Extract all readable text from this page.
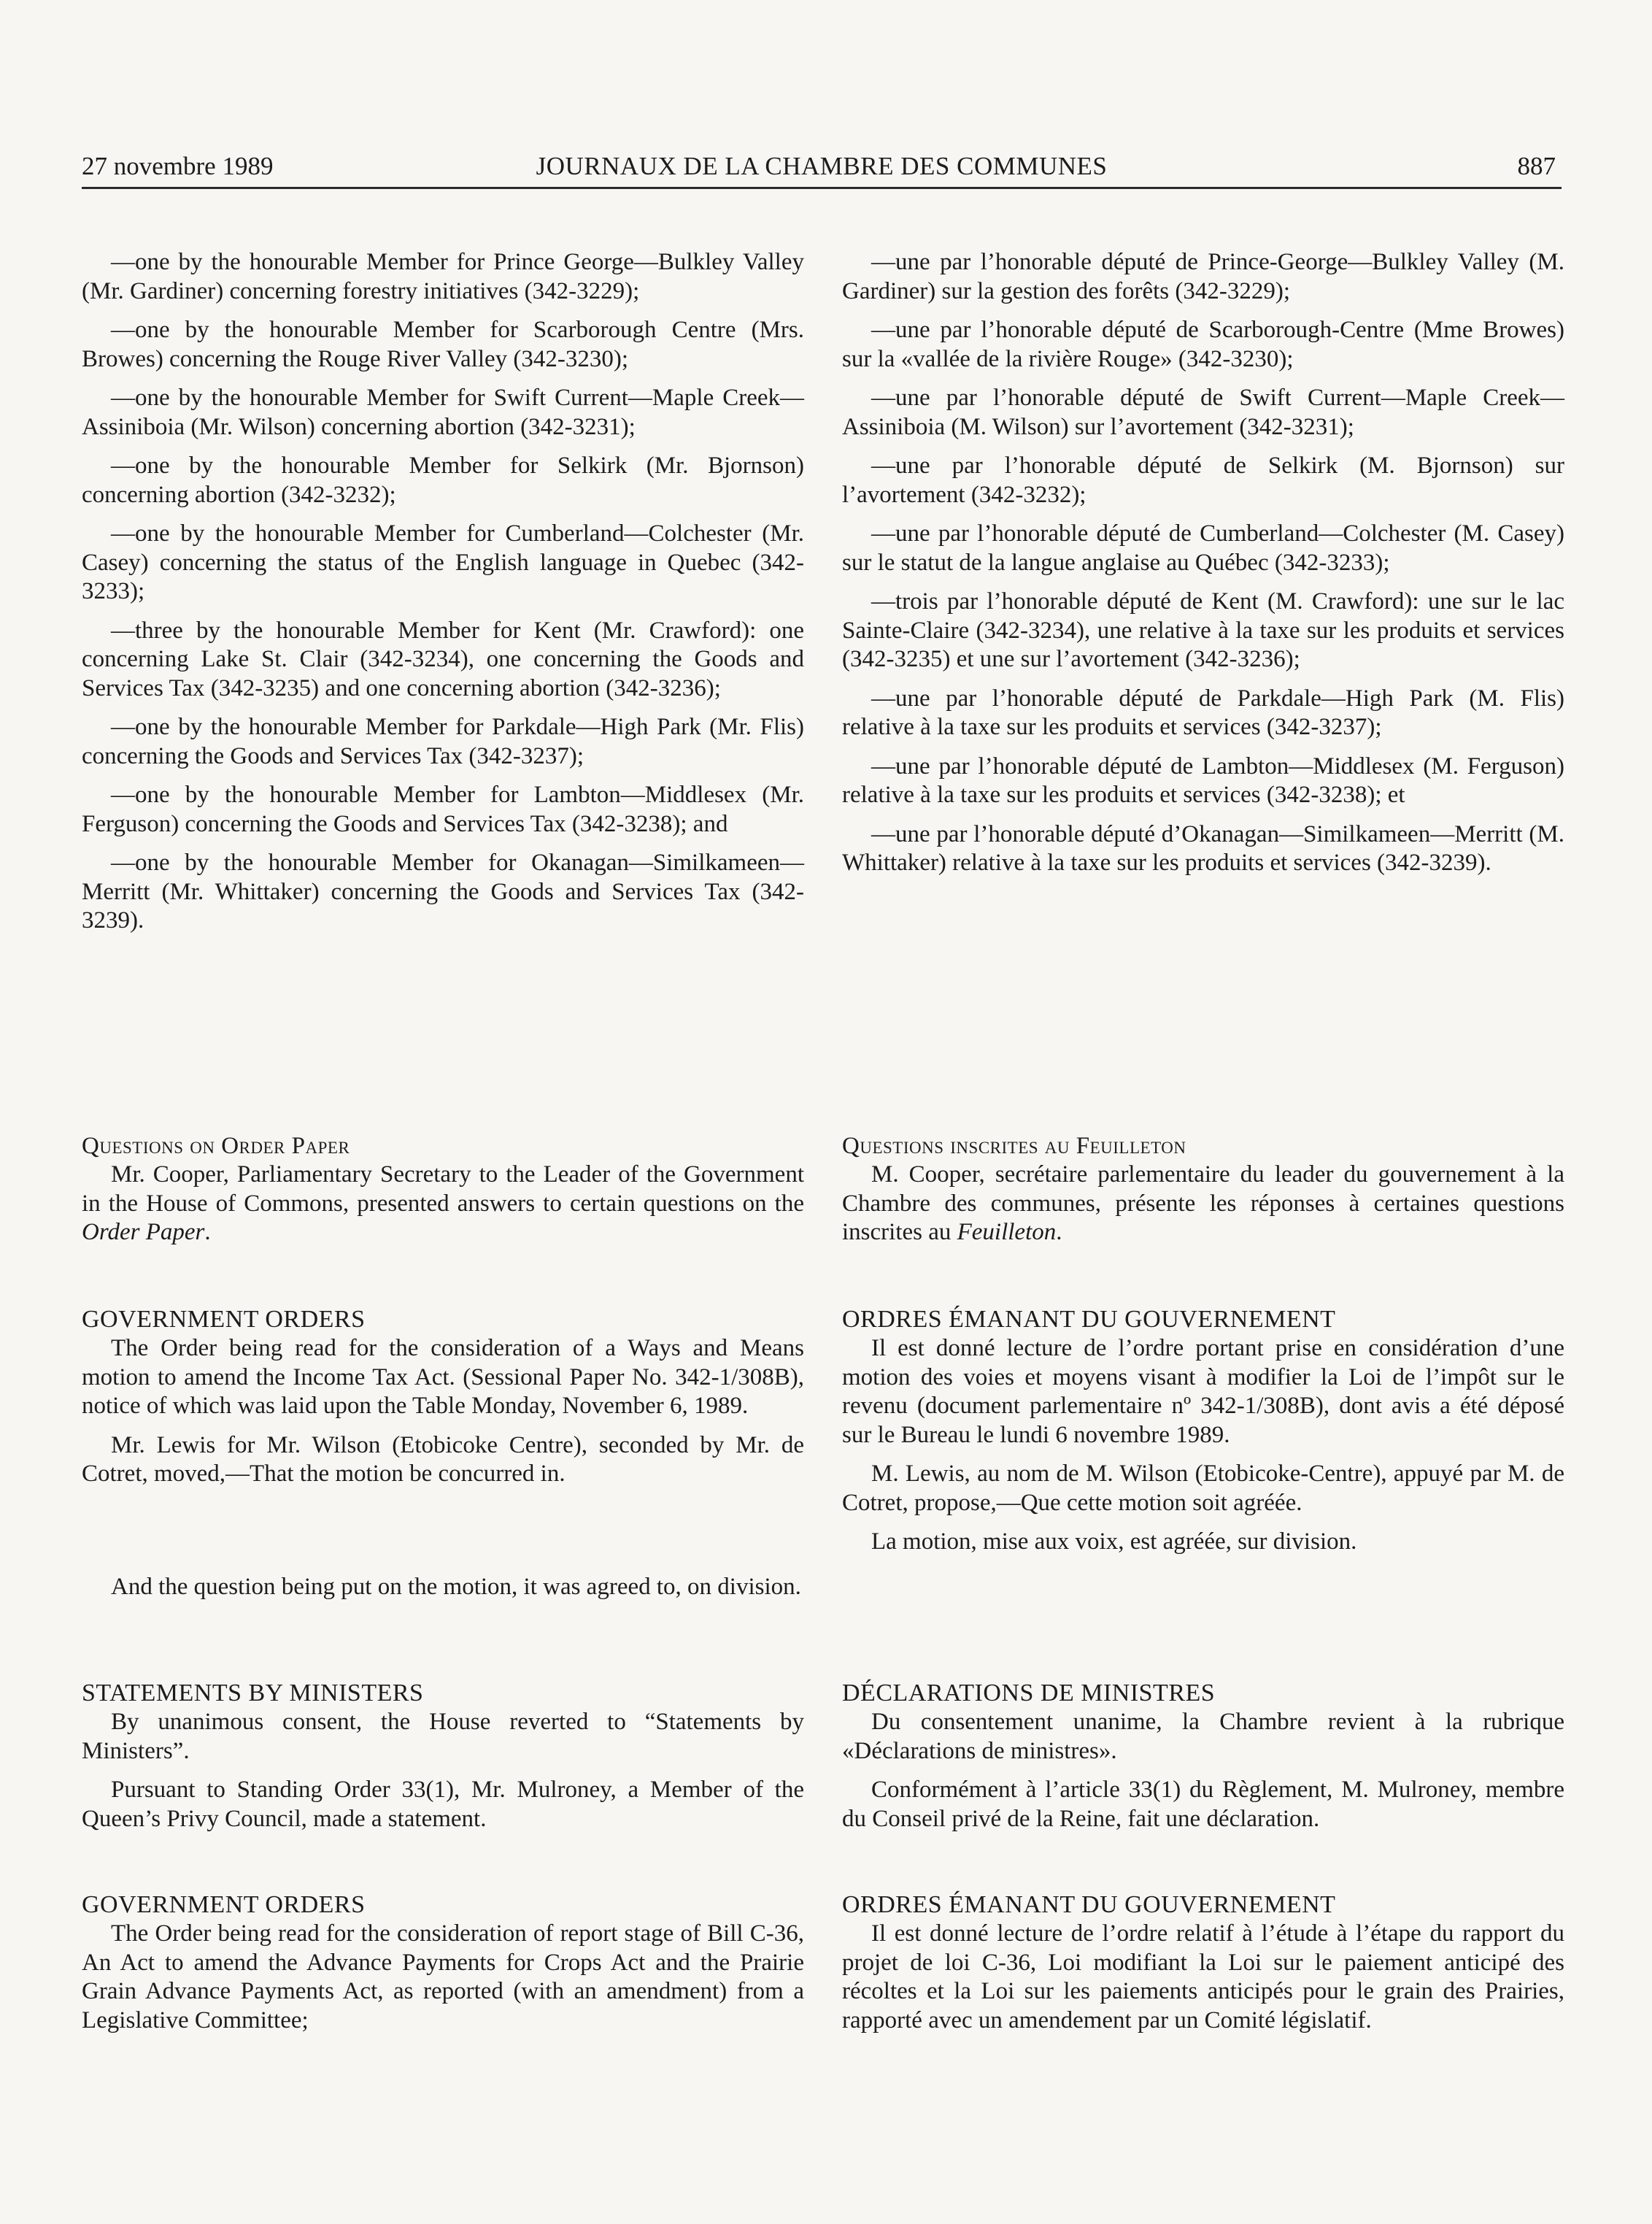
27 novembre 1989	JOURNAUX DE LA CHAMBRE DES COMMUNES	887

—one by the honourable Member for Prince George—Bulkley Valley (Mr. Gardiner) concerning forestry initiatives (342-3229);

—one by the honourable Member for Scarborough Centre (Mrs. Browes) concerning the Rouge River Valley (342-3230);

—one by the honourable Member for Swift Current—Maple Creek—Assiniboia (Mr. Wilson) concerning abortion (342-3231);

—one by the honourable Member for Selkirk (Mr. Bjornson) concerning abortion (342-3232);

—one by the honourable Member for Cumberland—Colchester (Mr. Casey) concerning the status of the English language in Quebec (342-3233);

—three by the honourable Member for Kent (Mr. Crawford): one concerning Lake St. Clair (342-3234), one concerning the Goods and Services Tax (342-3235) and one concerning abortion (342-3236);

—one by the honourable Member for Parkdale—High Park (Mr. Flis) concerning the Goods and Services Tax (342-3237);

—one by the honourable Member for Lambton—Middlesex (Mr. Ferguson) concerning the Goods and Services Tax (342-3238); and

—one by the honourable Member for Okanagan—Similkameen—Merritt (Mr. Whittaker) concerning the Goods and Services Tax (342-3239).

Questions on Order Paper

Mr. Cooper, Parliamentary Secretary to the Leader of the Government in the House of Commons, presented answers to certain questions on the Order Paper.

GOVERNMENT ORDERS

The Order being read for the consideration of a Ways and Means motion to amend the Income Tax Act. (Sessional Paper No. 342-1/308B), notice of which was laid upon the Table Monday, November 6, 1989.

Mr. Lewis for Mr. Wilson (Etobicoke Centre), seconded by Mr. de Cotret, moved,—That the motion be concurred in.

And the question being put on the motion, it was agreed to, on division.

STATEMENTS BY MINISTERS

By unanimous consent, the House reverted to “Statements by Ministers”.

Pursuant to Standing Order 33(1), Mr. Mulroney, a Member of the Queen’s Privy Council, made a statement.

GOVERNMENT ORDERS

The Order being read for the consideration of report stage of Bill C-36, An Act to amend the Advance Payments for Crops Act and the Prairie Grain Advance Payments Act, as reported (with an amendment) from a Legislative Committee;

—une par l’honorable député de Prince-George—Bulkley Valley (M. Gardiner) sur la gestion des forêts (342-3229);

—une par l’honorable député de Scarborough-Centre (Mme Browes) sur la «vallée de la rivière Rouge» (342-3230);

—une par l’honorable député de Swift Current—Maple Creek—Assiniboia (M. Wilson) sur l’avortement (342-3231);

—une par l’honorable député de Selkirk (M. Bjornson) sur l’avortement (342-3232);

—une par l’honorable député de Cumberland—Colchester (M. Casey) sur le statut de la langue anglaise au Québec (342-3233);

—trois par l’honorable député de Kent (M. Crawford): une sur le lac Sainte-Claire (342-3234), une relative à la taxe sur les produits et services (342-3235) et une sur l’avortement (342-3236);

—une par l’honorable député de Parkdale—High Park (M. Flis) relative à la taxe sur les produits et services (342-3237);

—une par l’honorable député de Lambton—Middlesex (M. Ferguson) relative à la taxe sur les produits et services (342-3238); et

—une par l’honorable député d’Okanagan—Similkameen—Merritt (M. Whittaker) relative à la taxe sur les produits et services (342-3239).

Questions inscrites au Feuilleton

M. Cooper, secrétaire parlementaire du leader du gouvernement à la Chambre des communes, présente les réponses à certaines questions inscrites au Feuilleton.

ORDRES ÉMANANT DU GOUVERNEMENT

Il est donné lecture de l’ordre portant prise en considération d’une motion des voies et moyens visant à modifier la Loi de l’impôt sur le revenu (document parlementaire nº 342-1/308B), dont avis a été déposé sur le Bureau le lundi 6 novembre 1989.

M. Lewis, au nom de M. Wilson (Etobicoke-Centre), appuyé par M. de Cotret, propose,—Que cette motion soit agréée.

La motion, mise aux voix, est agréée, sur division.

DÉCLARATIONS DE MINISTRES

Du consentement unanime, la Chambre revient à la rubrique «Déclarations de ministres».

Conformément à l’article 33(1) du Règlement, M. Mulroney, membre du Conseil privé de la Reine, fait une déclaration.

ORDRES ÉMANANT DU GOUVERNEMENT

Il est donné lecture de l’ordre relatif à l’étude à l’étape du rapport du projet de loi C-36, Loi modifiant la Loi sur le paiement anticipé des récoltes et la Loi sur les paiements anticipés pour le grain des Prairies, rapporté avec un amendement par un Comité législatif.
